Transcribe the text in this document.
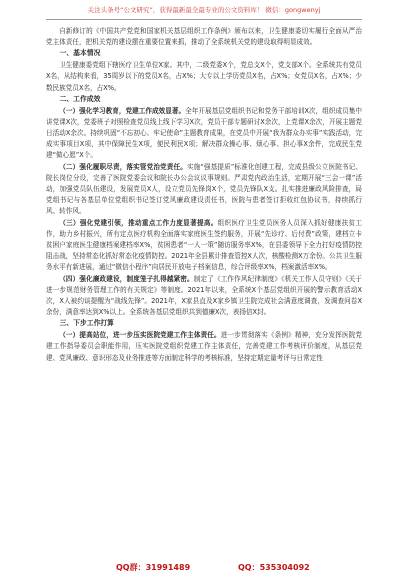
关注头条号“公文研究”，获得最新最全最专业的公文资料库！ 微信：gongwenyj

自新修订的《中国共产党党和国家机关基层组织工作条例》颁布以来，卫生健康委切实履行全面从严治党主体责任，把机关党的建设摆在重要位置来抓，推动了全系统机关党的建设取得明显成效。

一、基本情况

卫生健康委党组下辖医疗卫生单位X家。其中，二级党委X个，党总支X个，党支部X个。全系统共有党员X名，从结构来看，35周岁以下的党员X名，占X%；大专以上学历党员X名，占X%；女党员X名，占X%；少数民族党员X名，占X%。

二、工作成效

（一）强化学习教育，党建工作成效显著。全年开展基层党组织书记和党务干部培训X次，组织成员集中讲党课X次，党委班子对照检查党员线上线下学习X次，党员干部专题研讨X余次，上党课X余次，开展主题党日活动X余次。持续巩固“不忘初心、牢记使命”主题教育成果，在党员中开展“我为群众办实事”实践活动，完成实事项目X项，其中保障民生X项，便民利民X项；解决群众操心事、烦心事、担心事X余件，完成民生党建“做心愿”X个。

（二）强化履职尽责，落实管党治党责任。实施“强基提质”标准化创建工程，完成县级公立医院书记、院长岗位分设，完善了医院党委会议和院长办公会议议事规则。严肃党内政治生活，定期开展“三会一课”活动，加强党员队伍建设，发展党员X人，设立党员先锋岗X个，党员先锋队X支。扎实推进廉政风险排查，局党组书记与各基层单位党组织书记签订党风廉政建设责任书，医院与患者签订拒收红包协议书，持续抓行风、转作风。

（三）强化党建引领，推动重点工作力度显著提高。组织医疗卫生党员医务人员深入抓好健康扶贫工作，助力乡村振兴，所有定点医疗机构全面落实家庭医生签约服务，开展“先诊疗、后付费”政策，建档立卡贫困户家庭医生健康档案建档率X%，贫困患者“一人一策”随访服务率X%，在县委领导下全力打好疫情防控阻击战，坚持常态化抓好常态化疫情防控。2021年全县累计排查管控X人次，核酸检测X万余份。公共卫生服务水平有新进展，通过“微信小程序”向居民开放电子档案信息，综合评级率X%，档案激活率X%。

（四）强化廉政建设，制度笼子扎得越紧密。制定了《工作作风纪律制度》《机关工作人员守则》《关于进一步规范财务管理工作的有关规定》等制度。2021年以来，全系统X个基层党组织开展的警示教育活动X次，X人被约谈提醒为“战线先锋”。2021年，X家县直及X家乡镇卫生院完成社会满意度调查，发调查问卷X余份，满意率达到X%以上。全系统各基层党组织共到德廉X次，表扬信X封。

三、下步工作打算

（一）提高站位，进一步压实医院党建工作主体责任。进一步贯彻落实《条例》精神，充分发挥医院党建工作指导委员会职能作用，压实医院党组织党建工作主体责任，完善党建工作考核评价制度，从基层党建、党风廉政、意识形态及业务推进等方面制定科学的考核标准，坚持定期定量考评与日常定性

QQ群：31991489	QQ：535304092
